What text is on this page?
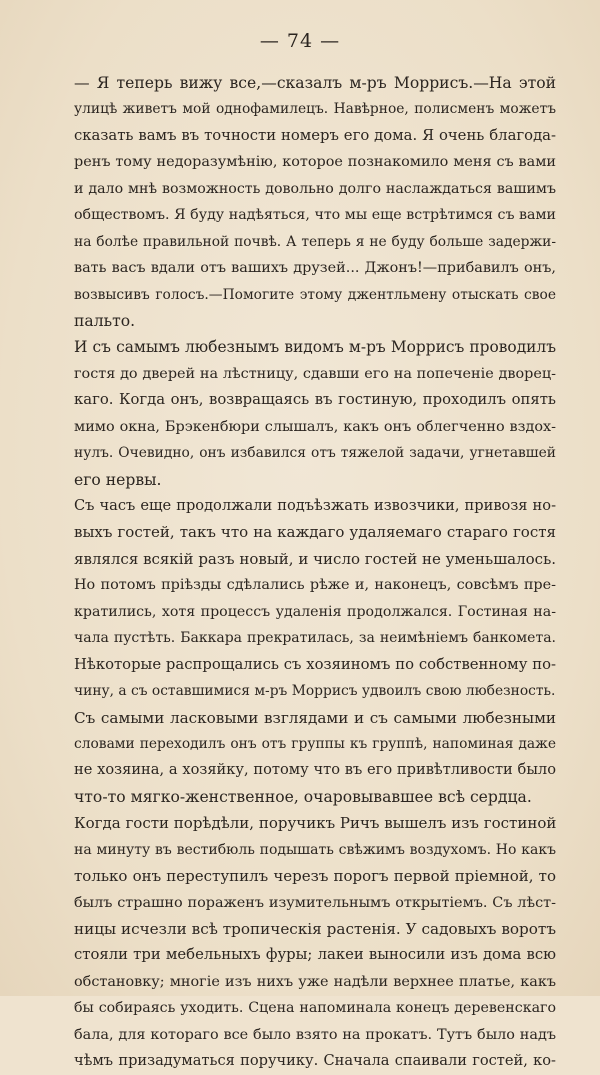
— 74 —
— Я теперь вижу все,—сказалъ м-ръ Моррисъ.—На этой
улицѣ живетъ мой однофамилецъ. Навѣрное, полисменъ можетъ
сказать вамъ въ точности номеръ его дома. Я очень благода-
ренъ тому недоразумѣнію, которое познакомило меня съ вами
и дало мнѣ возможность довольно долго наслаждаться вашимъ
обществомъ. Я буду надѣяться, что мы еще встрѣтимся съ вами
на болѣе правильной почвѣ. А теперь я не буду больше задержи-
вать васъ вдали отъ вашихъ друзей... Джонъ!—прибавилъ онъ,
возвысивъ голосъ.—Помогите этому джентльмену отыскать свое
пальто.
И съ самымъ любезнымъ видомъ м-ръ Моррисъ проводилъ
гостя до дверей на лѣстницу, сдавши его на попеченіе дворец-
каго. Когда онъ, возвращаясь въ гостиную, проходилъ опять
мимо окна, Брэкенбюри слышалъ, какъ онъ облегченно вздох-
нулъ. Очевидно, онъ избавился отъ тяжелой задачи, угнетавшей
его нервы.
Съ часъ еще продолжали подъѣзжать извозчики, привозя но-
выхъ гостей, такъ что на каждаго удаляемаго стараго гостя
являлся всякій разъ новый, и число гостей не уменьшалось.
Но потомъ пріѣзды сдѣлались рѣже и, наконецъ, совсѣмъ пре-
кратились, хотя процессъ удаленія продолжался. Гостиная на-
чала пустѣть. Баккара прекратилась, за неимѣніемъ банкомета.
Нѣкоторые распрощались съ хозяиномъ по собственному по-
чину, а съ оставшимися м-ръ Моррисъ удвоилъ свою любезность.
Съ самыми ласковыми взглядами и съ самыми любезными
словами переходилъ онъ отъ группы къ группѣ, напоминая даже
не хозяина, а хозяйку, потому что въ его привѣтливости было
что-то мягко-женственное, очаровывавшее всѣ сердца.
Когда гости порѣдѣли, поручикъ Ричъ вышелъ изъ гостиной
на минуту въ вестибюль подышать свѣжимъ воздухомъ. Но какъ
только онъ переступилъ черезъ порогъ первой пріемной, то
былъ страшно пораженъ изумительнымъ открытіемъ. Съ лѣст-
ницы исчезли всѣ тропическія растенія. У садовыхъ воротъ
стояли три мебельныхъ фуры; лакеи выносили изъ дома всю
обстановку; многіе изъ нихъ уже надѣли верхнее платье, какъ
бы собираясь уходить. Сцена напоминала конецъ деревенскаго
бала, для котораго все было взято на прокатъ. Тутъ было надъ
чѣмъ призадуматься поручику. Сначала спаивали гостей, ко-
